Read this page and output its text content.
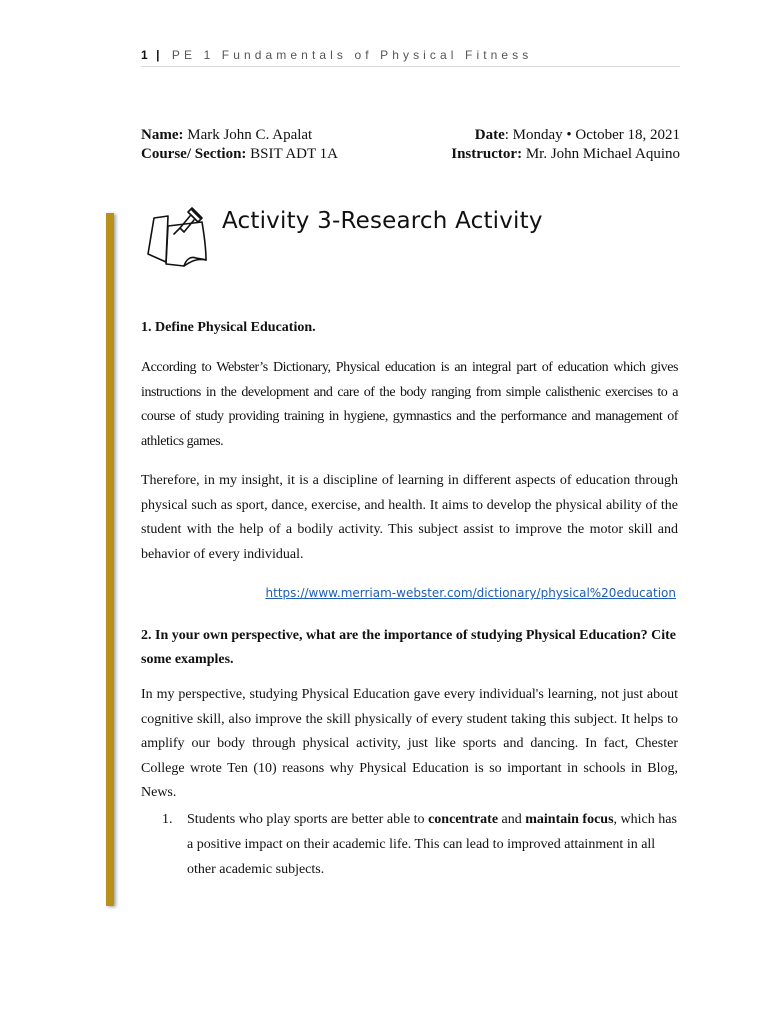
1 | PE 1 Fundamentals of Physical Fitness
Name: Mark John C. Apalat	Date: Monday • October 18, 2021
Course/ Section: BSIT ADT 1A	Instructor: Mr. John Michael Aquino
Activity 3-Research Activity
1. Define Physical Education.

According to Webster’s Dictionary, Physical education is an integral part of education which gives instructions in the development and care of the body ranging from simple calisthenic exercises to a course of study providing training in hygiene, gymnastics and the performance and management of athletics games.

Therefore, in my insight, it is a discipline of learning in different aspects of education through physical such as sport, dance, exercise, and health. It aims to develop the physical ability of the student with the help of a bodily activity. This subject assist to improve the motor skill and behavior of every individual.

https://www.merriam-webster.com/dictionary/physical%20education
2. In your own perspective, what are the importance of studying Physical Education? Cite some examples.

In my perspective, studying Physical Education gave every individual's learning, not just about cognitive skill, also improve the skill physically of every student taking this subject. It helps to amplify our body through physical activity, just like sports and dancing. In fact, Chester College wrote Ten (10) reasons why Physical Education is so important in schools in Blog, News.

1. Students who play sports are better able to concentrate and maintain focus, which has a positive impact on their academic life. This can lead to improved attainment in all other academic subjects.
